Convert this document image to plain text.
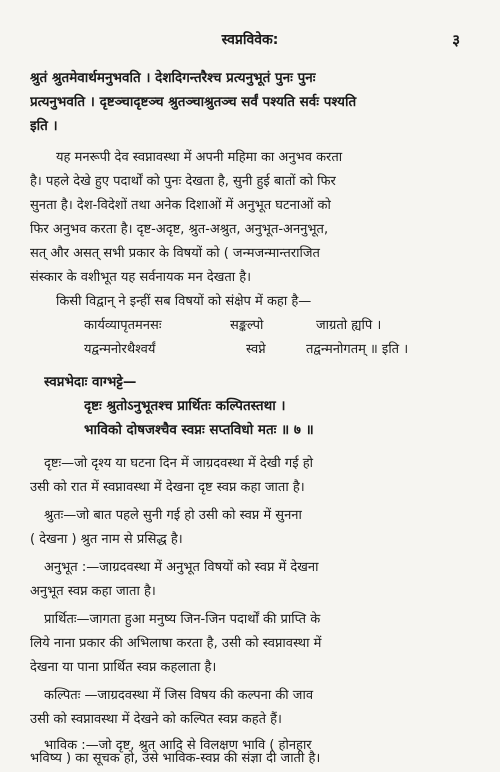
स्वप्नविवेक:	३
श्रुतं श्रुतमेवार्थमनुभवति । देशदिगन्तरैश्च प्रत्यनुभूतं पुनः पुनः
प्रत्यनुभवति । दृष्टञ्चादृष्टञ्च श्रुतञ्चाश्रुतञ्च सर्वं पश्यति सर्वः पश्यति
इति ।
यह मनरूपी देव स्वप्नावस्था में अपनी महिमा का अनुभव करता
है। पहले देखे हुए पदार्थों को पुनः देखता है, सुनी हुई बातों को फिर
सुनता है। देश-विदेशों तथा अनेक दिशाओं में अनुभूत घटनाओं को
फिर अनुभव करता है। दृष्ट-अदृष्ट, श्रुत-अश्रुत, अनुभूत-अननुभूत,
सत् और असत् सभी प्रकार के विषयों को ( जन्मजन्मान्तराजित
संस्कार के वशीभूत यह सर्वनायक मन देखता है।
किसी विद्वान् ने इन्हीं सब विषयों को संक्षेप में कहा है—
कार्यव्यापृतमनसः	सङ्कल्पो	जाग्रतो ह्यपि ।
यद्वन्मनोरथैश्वर्यं	स्वप्ने	तद्वन्मनोगतम् ॥ इति ।
स्वप्नभेदाः वाग्भट्टे—
दृष्टः श्रुतोऽनुभूतश्च प्रार्थितः कल्पितस्तथा ।
भाविको दोषजश्चैव स्वप्नः सप्तविधो मतः ॥ ७ ॥
दृष्टः—जो दृश्य या घटना दिन में जाग्रदवस्था में देखी गई हो
उसी को रात में स्वप्नावस्था में देखना दृष्ट स्वप्न कहा जाता है।
श्रुतः—जो बात पहले सुनी गई हो उसी को स्वप्न में सुनना
( देखना ) श्रुत नाम से प्रसिद्ध है।
अनुभूत :—जाग्रदवस्था में अनुभूत विषयों को स्वप्न में देखना
अनुभूत स्वप्न कहा जाता है।
प्रार्थितः—जागता हुआ मनुष्य जिन-जिन पदार्थों की प्राप्ति के
लिये नाना प्रकार की अभिलाषा करता है, उसी को स्वप्नावस्था में
देखना या पाना प्रार्थित स्वप्न कहलाता है।
कल्पितः —जाग्रदवस्था में जिस विषय की कल्पना की जाव
उसी को स्वप्नावस्था में देखने को कल्पित स्वप्न कहते हैं।
भाविक :—जो दृष्ट, श्रुत आदि से विलक्षण भावि ( होनहार
भविष्य ) का सूचक हो, उसे भाविक-स्वप्न की संज्ञा दी जाती है।
